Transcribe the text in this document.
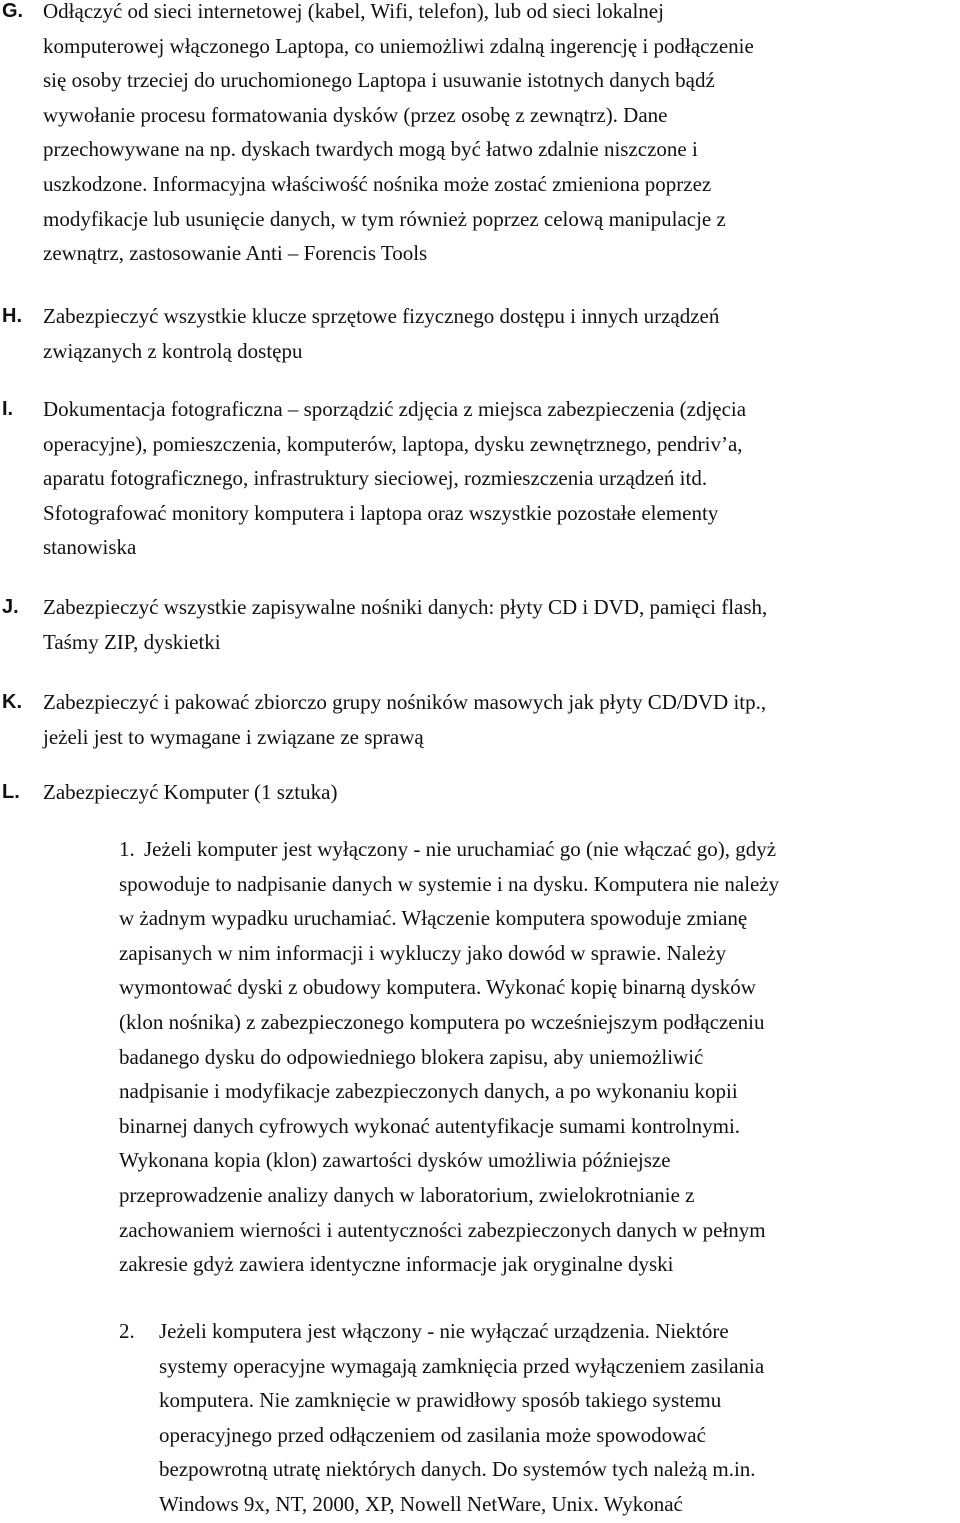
G. Odłączyć od sieci internetowej (kabel, Wifi, telefon), lub od sieci lokalnej
komputerowej włączonego Laptopa, co uniemożliwi zdalną ingerencję i podłączenie
się osoby trzeciej do uruchomionego Laptopa i usuwanie istotnych danych bądź
wywołanie procesu formatowania dysków (przez osobę z zewnątrz). Dane
przechowywane na np. dyskach twardych mogą być łatwo zdalnie niszczone i
uszkodzone. Informacyjna właściwość nośnika może zostać zmieniona poprzez
modyfikacje lub usunięcie danych, w tym również poprzez celową manipulacje z
zewnątrz, zastosowanie Anti – Forencis Tools
H. Zabezpieczyć wszystkie klucze sprzętowe fizycznego dostępu i innych urządzeń
związanych z kontrolą dostępu
I. Dokumentacja fotograficzna – sporządzić zdjęcia z miejsca zabezpieczenia (zdjęcia
operacyjne), pomieszczenia, komputerów, laptopa, dysku zewnętrznego, pendriv’a,
aparatu fotograficznego, infrastruktury sieciowej, rozmieszczenia urządzeń itd.
Sfotografować monitory komputera i laptopa oraz wszystkie pozostałe elementy
stanowiska
J. Zabezpieczyć wszystkie zapisywalne nośniki danych: płyty CD i DVD, pamięci flash,
Taśmy ZIP, dyskietki
K. Zabezpieczyć i pakować zbiorczo grupy nośników masowych jak płyty CD/DVD itp.,
jeżeli jest to wymagane i związane ze sprawą
L. Zabezpieczyć Komputer (1 sztuka)
1. Jeżeli komputer jest wyłączony - nie uruchamiać go (nie włączać go), gdyż
spowoduje to nadpisanie danych w systemie i na dysku. Komputera nie należy
w żadnym wypadku uruchamiać. Włączenie komputera spowoduje zmianę
zapisanych w nim informacji i wykluczy jako dowód w sprawie. Należy
wymontować dyski z obudowy komputera. Wykonać kopię binarną dysków
(klon nośnika) z zabezpieczonego komputera po wcześniejszym podłączeniu
badanego dysku do odpowiedniego blokera zapisu, aby uniemożliwić
nadpisanie i modyfikacje zabezpieczonych danych, a po wykonaniu kopii
binarnej danych cyfrowych wykonać autentyfikacje sumami kontrolnymi.
Wykonana kopia (klon) zawartości dysków umożliwia późniejsze
przeprowadzenie analizy danych w laboratorium, zwielokrotnianie z
zachowaniem wierności i autentyczności zabezpieczonych danych w pełnym
zakresie gdyż zawiera identyczne informacje jak oryginalne dyski
2. Jeżeli komputera jest włączony - nie wyłączać urządzenia. Niektóre
systemy operacyjne wymagają zamknięcia przed wyłączeniem zasilania
komputera. Nie zamknięcie w prawidłowy sposób takiego systemu
operacyjnego przed odłączeniem od zasilania może spowodować
bezpowrotną utratę niektórych danych. Do systemów tych należą m.in.
Windows 9x, NT, 2000, XP, Nowell NetWare, Unix. Wykonać
